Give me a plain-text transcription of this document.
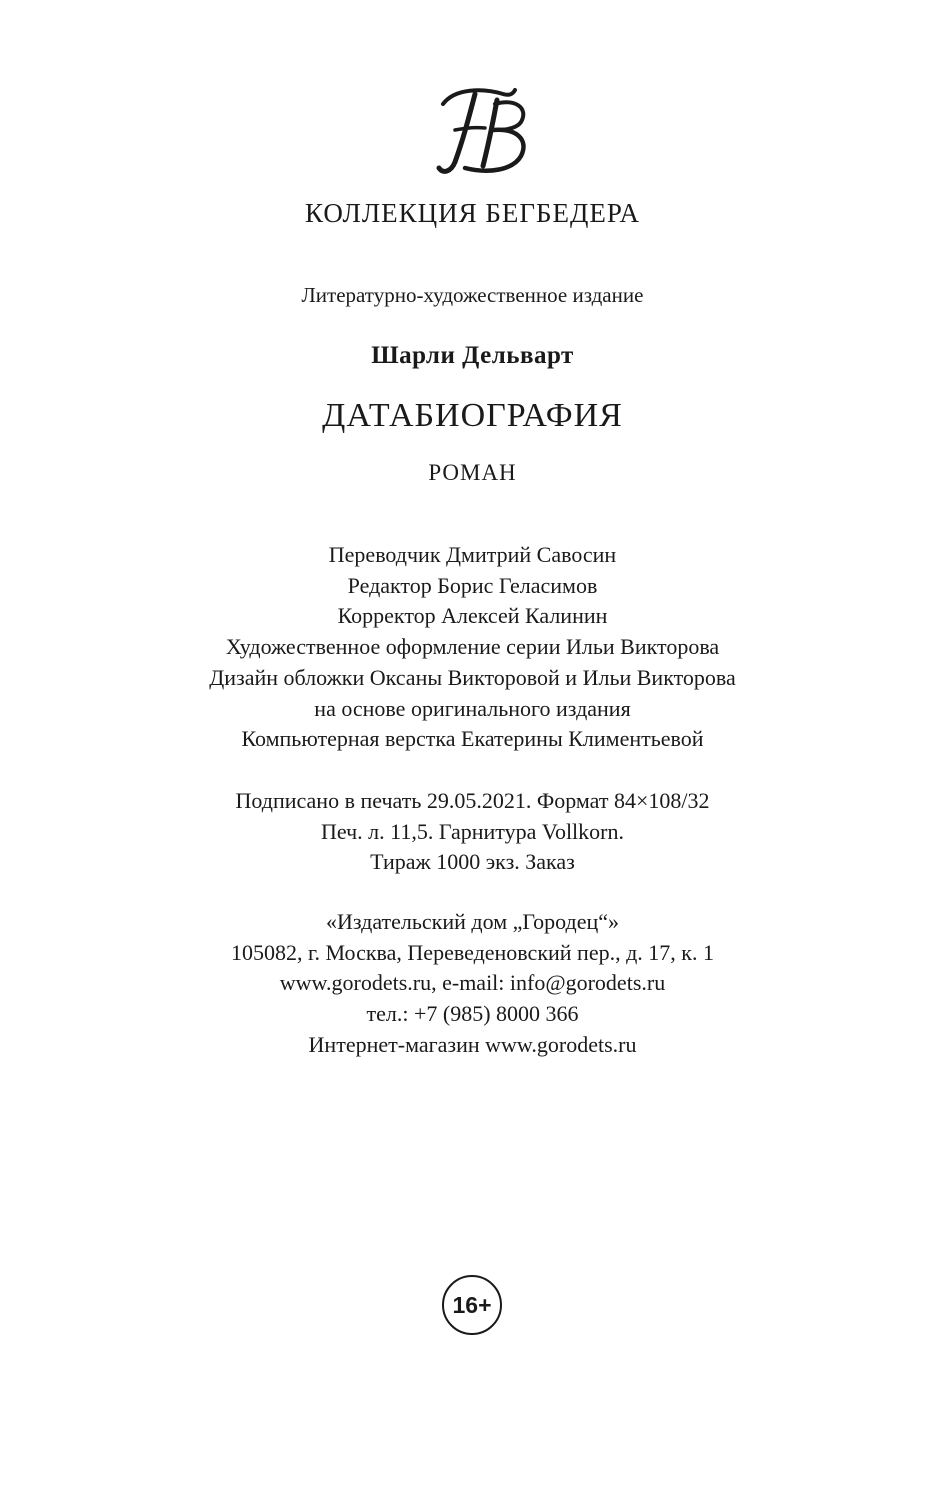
КОЛЛЕКЦИЯ БЕГБЕДЕРА
Литературно-художественное издание
Шарли Дельварт
ДАТАБИОГРАФИЯ
РОМАН
Переводчик Дмитрий Савосин
Редактор Борис Геласимов
Корректор Алексей Калинин
Художественное оформление серии Ильи Викторова
Дизайн обложки Оксаны Викторовой и Ильи Викторова
на основе оригинального издания
Компьютерная верстка Екатерины Климентьевой
Подписано в печать 29.05.2021. Формат 84×108/32
Печ. л. 11,5. Гарнитура Vollkorn.
Тираж 1000 экз. Заказ
«Издательский дом „Городец“»
105082, г. Москва, Переведеновский пер., д. 17, к. 1
www.gorodets.ru, e-mail: info@gorodets.ru
тел.: +7 (985) 8000 366
Интернет-магазин www.gorodets.ru
16+
